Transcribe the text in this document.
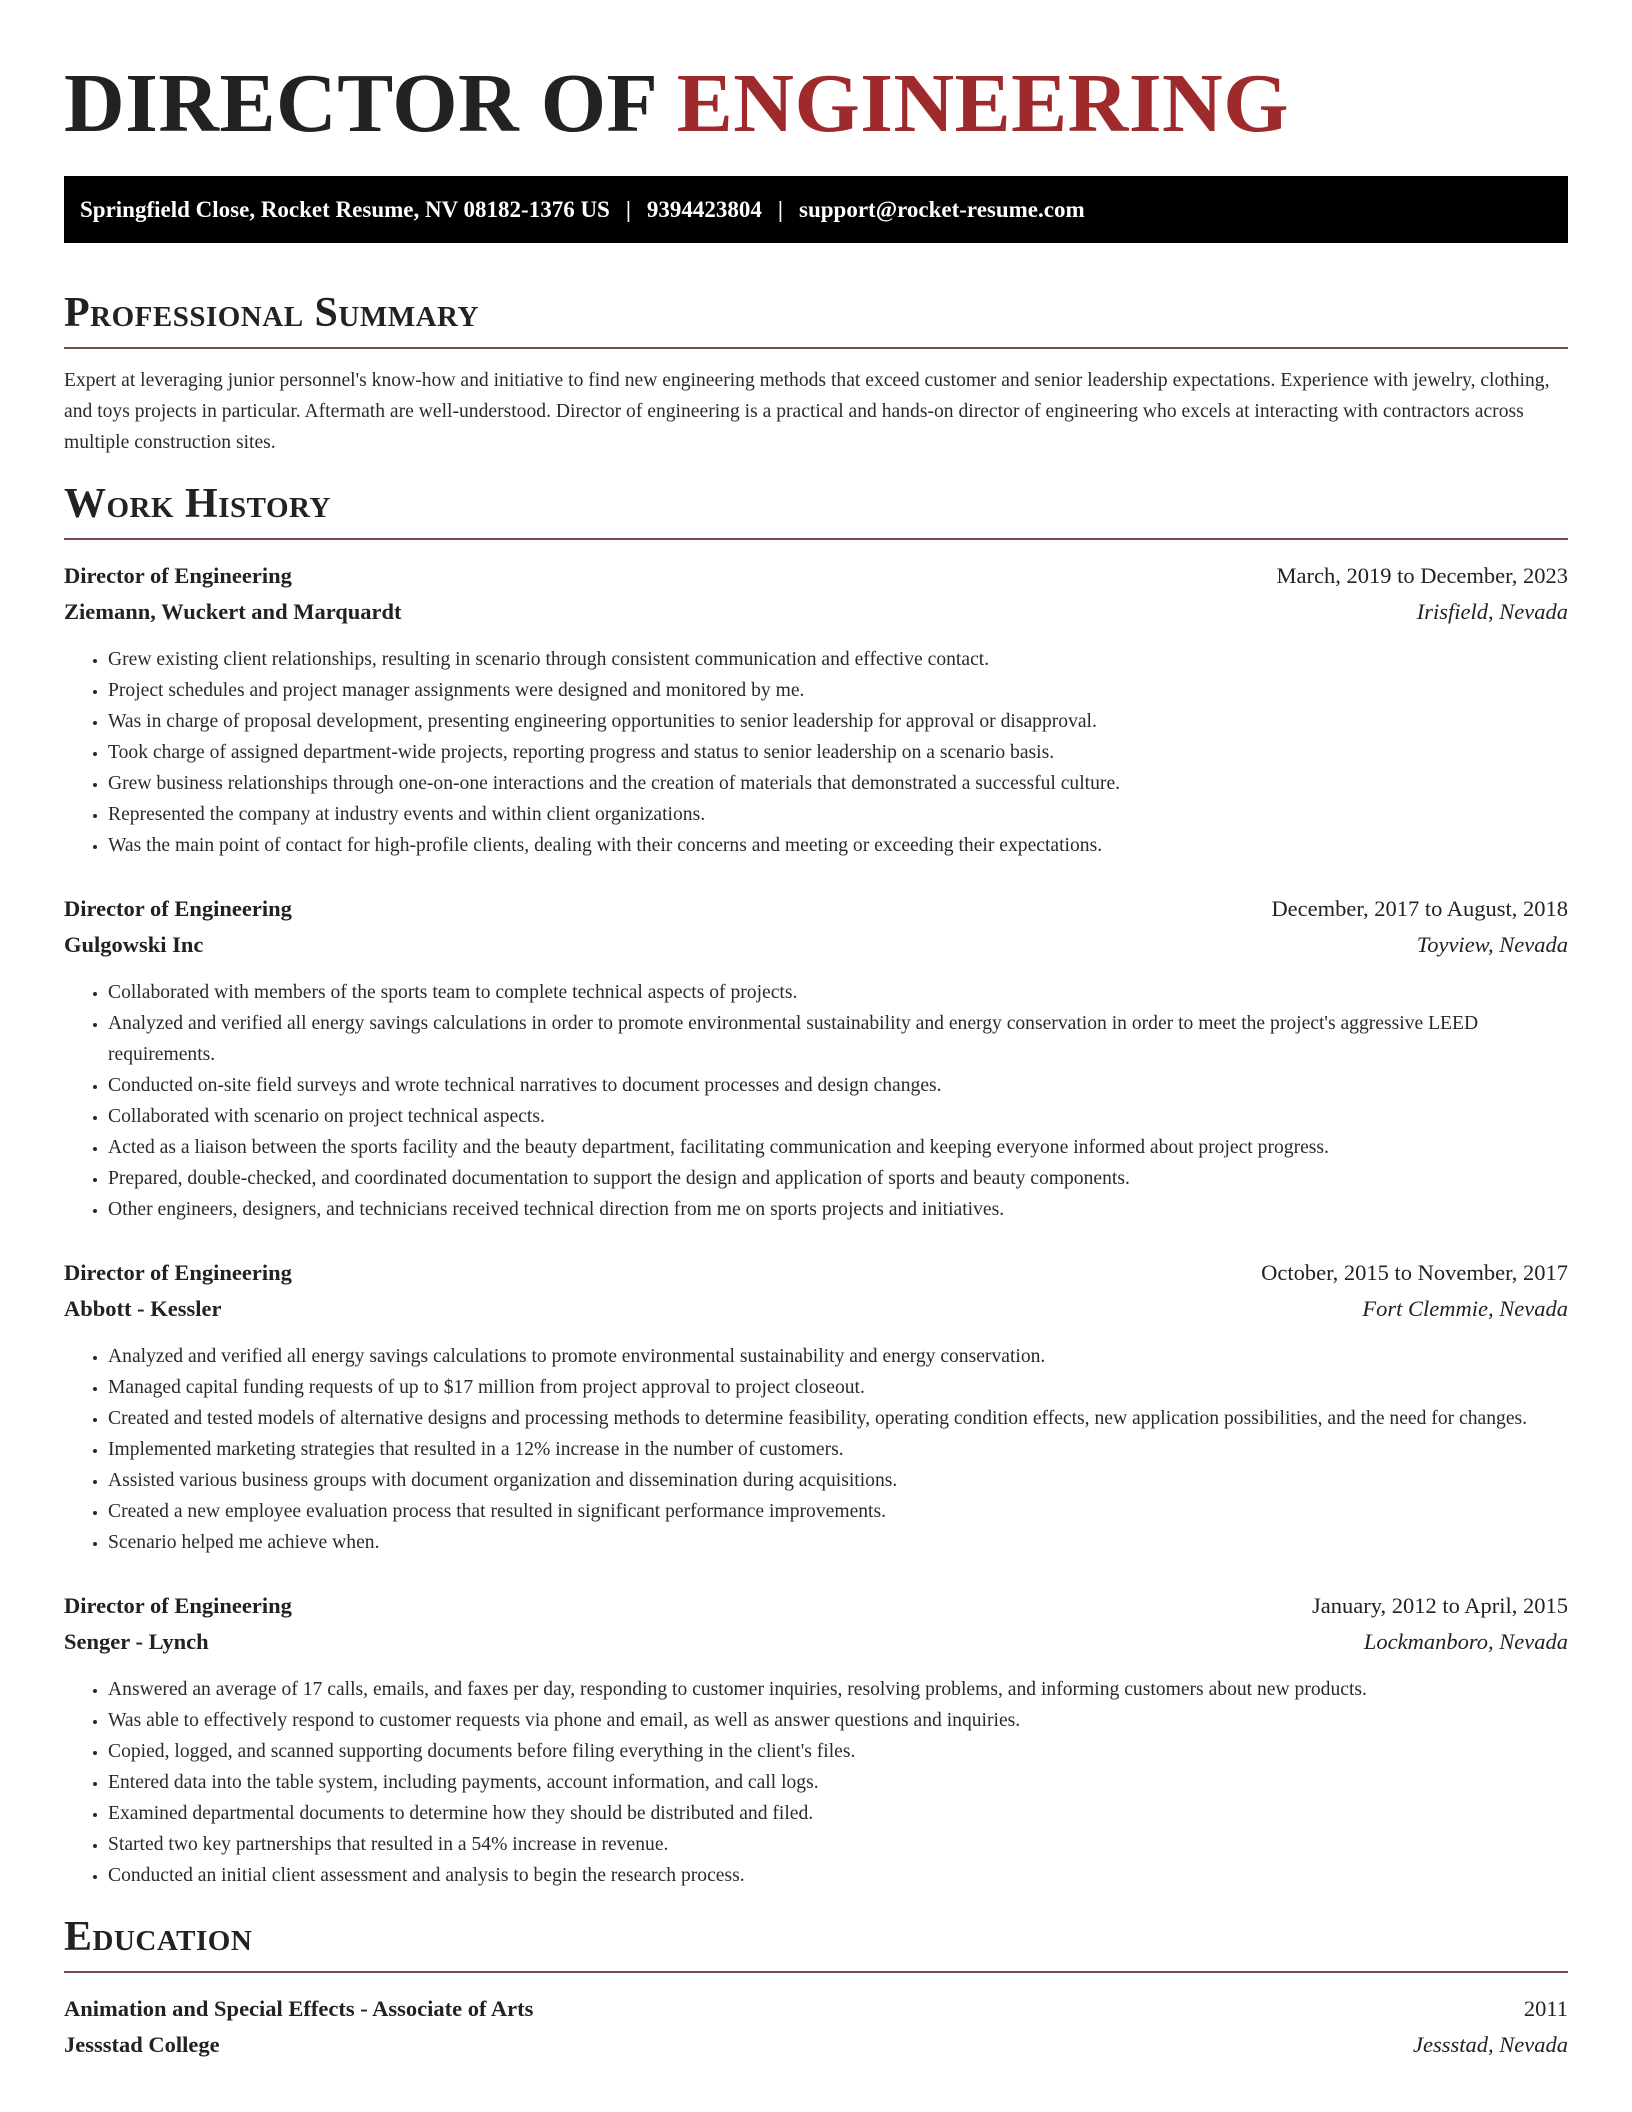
DIRECTOR OF ENGINEERING
Springfield Close, Rocket Resume, NV 08182-1376 US | 9394423804 | support@rocket-resume.com
Professional Summary

Expert at leveraging junior personnel's know-how and initiative to find new engineering methods that exceed customer and senior leadership expectations. Experience with jewelry, clothing, and toys projects in particular. Aftermath are well-understood. Director of engineering is a practical and hands-on director of engineering who excels at interacting with contractors across multiple construction sites.

Work History
Director of Engineering	March, 2019 to December, 2023
Ziemann, Wuckert and Marquardt	Irisfield, Nevada
• Grew existing client relationships, resulting in scenario through consistent communication and effective contact.
• Project schedules and project manager assignments were designed and monitored by me.
• Was in charge of proposal development, presenting engineering opportunities to senior leadership for approval or disapproval.
• Took charge of assigned department-wide projects, reporting progress and status to senior leadership on a scenario basis.
• Grew business relationships through one-on-one interactions and the creation of materials that demonstrated a successful culture.
• Represented the company at industry events and within client organizations.
• Was the main point of contact for high-profile clients, dealing with their concerns and meeting or exceeding their expectations.
Director of Engineering	December, 2017 to August, 2018
Gulgowski Inc	Toyview, Nevada
• Collaborated with members of the sports team to complete technical aspects of projects.
• Analyzed and verified all energy savings calculations in order to promote environmental sustainability and energy conservation in order to meet the project's aggressive LEED requirements.
• Conducted on-site field surveys and wrote technical narratives to document processes and design changes.
• Collaborated with scenario on project technical aspects.
• Acted as a liaison between the sports facility and the beauty department, facilitating communication and keeping everyone informed about project progress.
• Prepared, double-checked, and coordinated documentation to support the design and application of sports and beauty components.
• Other engineers, designers, and technicians received technical direction from me on sports projects and initiatives.
Director of Engineering	October, 2015 to November, 2017
Abbott - Kessler	Fort Clemmie, Nevada
• Analyzed and verified all energy savings calculations to promote environmental sustainability and energy conservation.
• Managed capital funding requests of up to $17 million from project approval to project closeout.
• Created and tested models of alternative designs and processing methods to determine feasibility, operating condition effects, new application possibilities, and the need for changes.
• Implemented marketing strategies that resulted in a 12% increase in the number of customers.
• Assisted various business groups with document organization and dissemination during acquisitions.
• Created a new employee evaluation process that resulted in significant performance improvements.
• Scenario helped me achieve when.
Director of Engineering	January, 2012 to April, 2015
Senger - Lynch	Lockmanboro, Nevada
• Answered an average of 17 calls, emails, and faxes per day, responding to customer inquiries, resolving problems, and informing customers about new products.
• Was able to effectively respond to customer requests via phone and email, as well as answer questions and inquiries.
• Copied, logged, and scanned supporting documents before filing everything in the client's files.
• Entered data into the table system, including payments, account information, and call logs.
• Examined departmental documents to determine how they should be distributed and filed.
• Started two key partnerships that resulted in a 54% increase in revenue.
• Conducted an initial client assessment and analysis to begin the research process.
Education
Animation and Special Effects - Associate of Arts	2011
Jessstad College	Jessstad, Nevada
